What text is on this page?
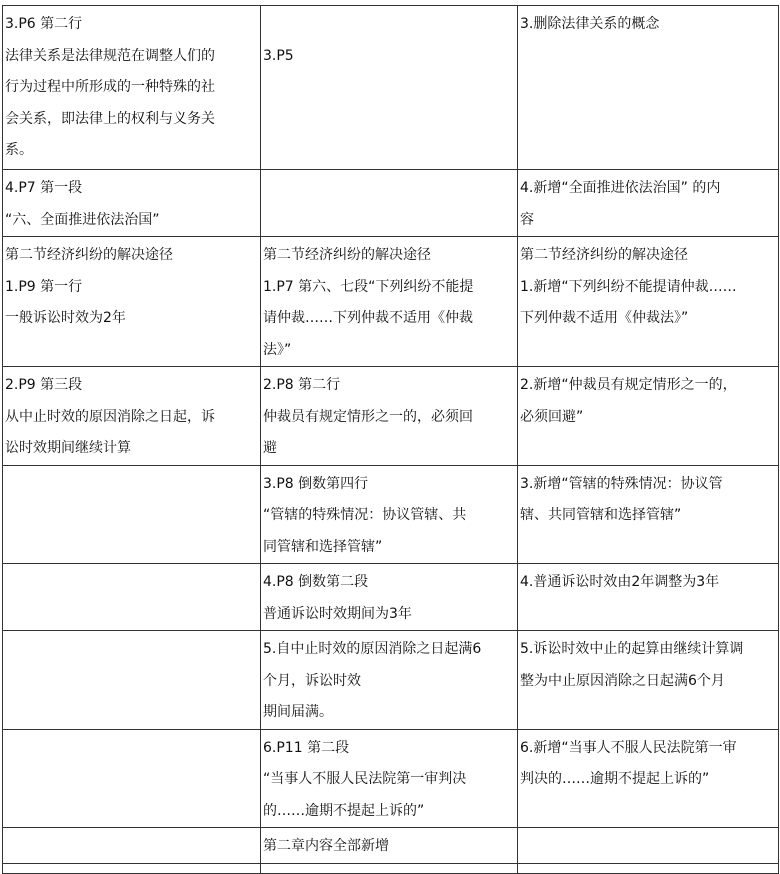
3.P6 第二行
法律关系是法律规范在调整人们的
行为过程中所形成的一种特殊的社
会关系，即法律上的权利与义务关
系。	3.P5	3.删除法律关系的概念

4.P7 第一段
“六、全面推进依法治国”		4.新增“全面推进依法治国” 的内
容

第二节经济纠纷的解决途径
1.P9 第一行
一般诉讼时效为2年	第二节经济纠纷的解决途径
1.P7 第六、七段“下列纠纷不能提
请仲裁……下列仲裁不适用《仲裁
法》”	第二节经济纠纷的解决途径
1.新增“下列纠纷不能提请仲裁……
下列仲裁不适用《仲裁法》”

2.P9 第三段
从中止时效的原因消除之日起，诉
讼时效期间继续计算	2.P8 第二行
仲裁员有规定情形之一的，必须回
避	2.新增“仲裁员有规定情形之一的，
必须回避”

	3.P8 倒数第四行
“管辖的特殊情况：协议管辖、共
同管辖和选择管辖”	3.新增“管辖的特殊情况：协议管
辖、共同管辖和选择管辖”

	4.P8 倒数第二段
普通诉讼时效期间为3年	4.普通诉讼时效由2年调整为3年

	5.自中止时效的原因消除之日起满6
个月，诉讼时效
期间届满。	5.诉讼时效中止的起算由继续计算调
整为中止原因消除之日起满6个月

	6.P11 第二段
“当事人不服人民法院第一审判决
的……逾期不提起上诉的”	6.新增“当事人不服人民法院第一审
判决的……逾期不提起上诉的”

	第二章内容全部新增	
